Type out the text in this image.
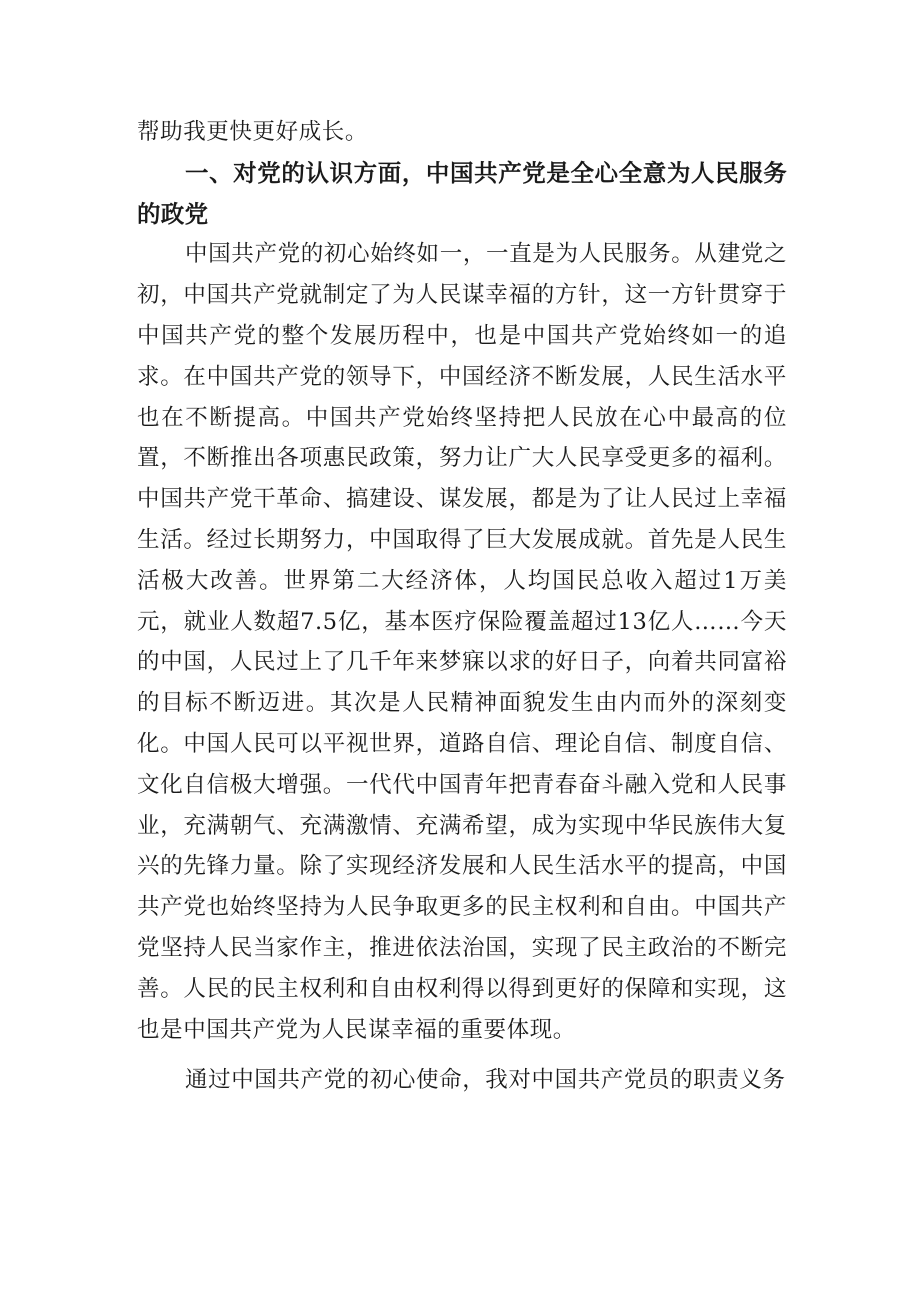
帮助我更快更好成长。

一、对党的认识方面，中国共产党是全心全意为人民服务的政党

中国共产党的初心始终如一，一直是为人民服务。从建党之初，中国共产党就制定了为人民谋幸福的方针，这一方针贯穿于中国共产党的整个发展历程中，也是中国共产党始终如一的追求。在中国共产党的领导下，中国经济不断发展，人民生活水平也在不断提高。中国共产党始终坚持把人民放在心中最高的位置，不断推出各项惠民政策，努力让广大人民享受更多的福利。中国共产党干革命、搞建设、谋发展，都是为了让人民过上幸福生活。经过长期努力，中国取得了巨大发展成就。首先是人民生活极大改善。世界第二大经济体，人均国民总收入超过1万美元，就业人数超7.5亿，基本医疗保险覆盖超过13亿人……今天的中国，人民过上了几千年来梦寐以求的好日子，向着共同富裕的目标不断迈进。其次是人民精神面貌发生由内而外的深刻变化。中国人民可以平视世界，道路自信、理论自信、制度自信、文化自信极大增强。一代代中国青年把青春奋斗融入党和人民事业，充满朝气、充满激情、充满希望，成为实现中华民族伟大复兴的先锋力量。除了实现经济发展和人民生活水平的提高，中国共产党也始终坚持为人民争取更多的民主权利和自由。中国共产党坚持人民当家作主，推进依法治国，实现了民主政治的不断完善。人民的民主权利和自由权利得以得到更好的保障和实现，这也是中国共产党为人民谋幸福的重要体现。

通过中国共产党的初心使命，我对中国共产党员的职责义务
